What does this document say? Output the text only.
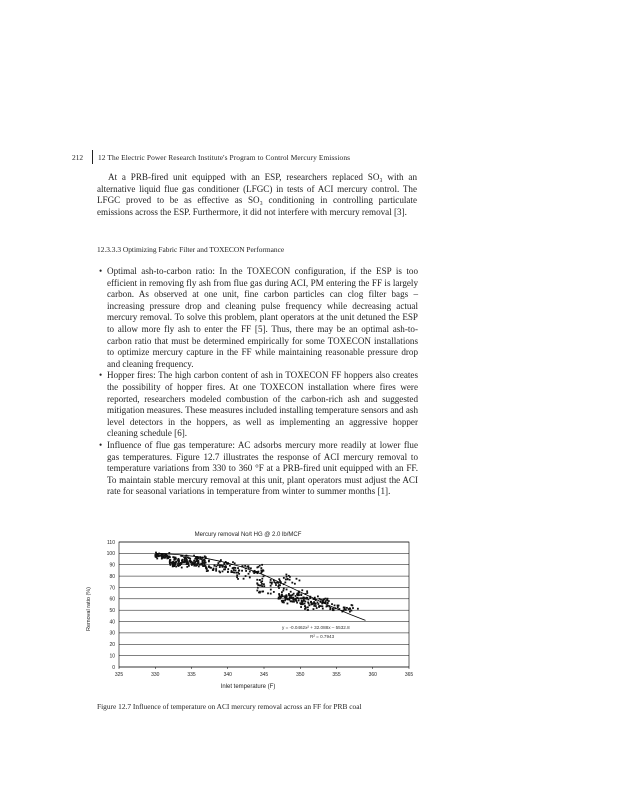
212 12 The Electric Power Research Institute's Program to Control Mercury Emissions

At a PRB-fired unit equipped with an ESP, researchers replaced SO₃ with an alternative liquid flue gas conditioner (LFGC) in tests of ACI mercury control. The LFGC proved to be as effective as SO₃ conditioning in controlling particulate emissions across the ESP. Furthermore, it did not interfere with mercury removal [3].

12.3.3.3 Optimizing Fabric Filter and TOXECON Performance
• Optimal ash-to-carbon ratio: In the TOXECON configuration, if the ESP is too efficient in removing fly ash from flue gas during ACI, PM entering the FF is largely carbon. As observed at one unit, fine carbon particles can clog filter bags – increasing pressure drop and cleaning pulse frequency while decreasing actual mercury removal. To solve this problem, plant operators at the unit detuned the ESP to allow more fly ash to enter the FF [5]. Thus, there may be an optimal ash-to-carbon ratio that must be determined empirically for some TOXECON installations to optimize mercury capture in the FF while maintaining reasonable pressure drop and cleaning frequency.
• Hopper fires: The high carbon content of ash in TOXECON FF hoppers also creates the possibility of hopper fires. At one TOXECON installation where fires were reported, researchers modeled combustion of the carbon-rich ash and suggested mitigation measures. These measures included installing temperature sensors and ash level detectors in the hoppers, as well as implementing an aggressive hopper cleaning schedule [6].
• Influence of flue gas temperature: AC adsorbs mercury more readily at lower flue gas temperatures. Figure 12.7 illustrates the response of ACI mercury removal to temperature variations from 330 to 360 °F at a PRB-fired unit equipped with an FF. To maintain stable mercury removal at this unit, plant operators must adjust the ACI rate for seasonal variations in temperature from winter to summer months [1].
Mercury removal No/t HG @ 2.0 lb/MCF
0
10
20
30
40
50
60
70
80
90
100
110
325	330	335	340	345	350	355	360	365
y = -0.0462x² + 32.088x – 5532.8
R² = 0.7943
Inlet temperature (F)
Removal ratio (%)
Figure 12.7 Influence of temperature on ACI mercury removal across an FF for PRB coal
